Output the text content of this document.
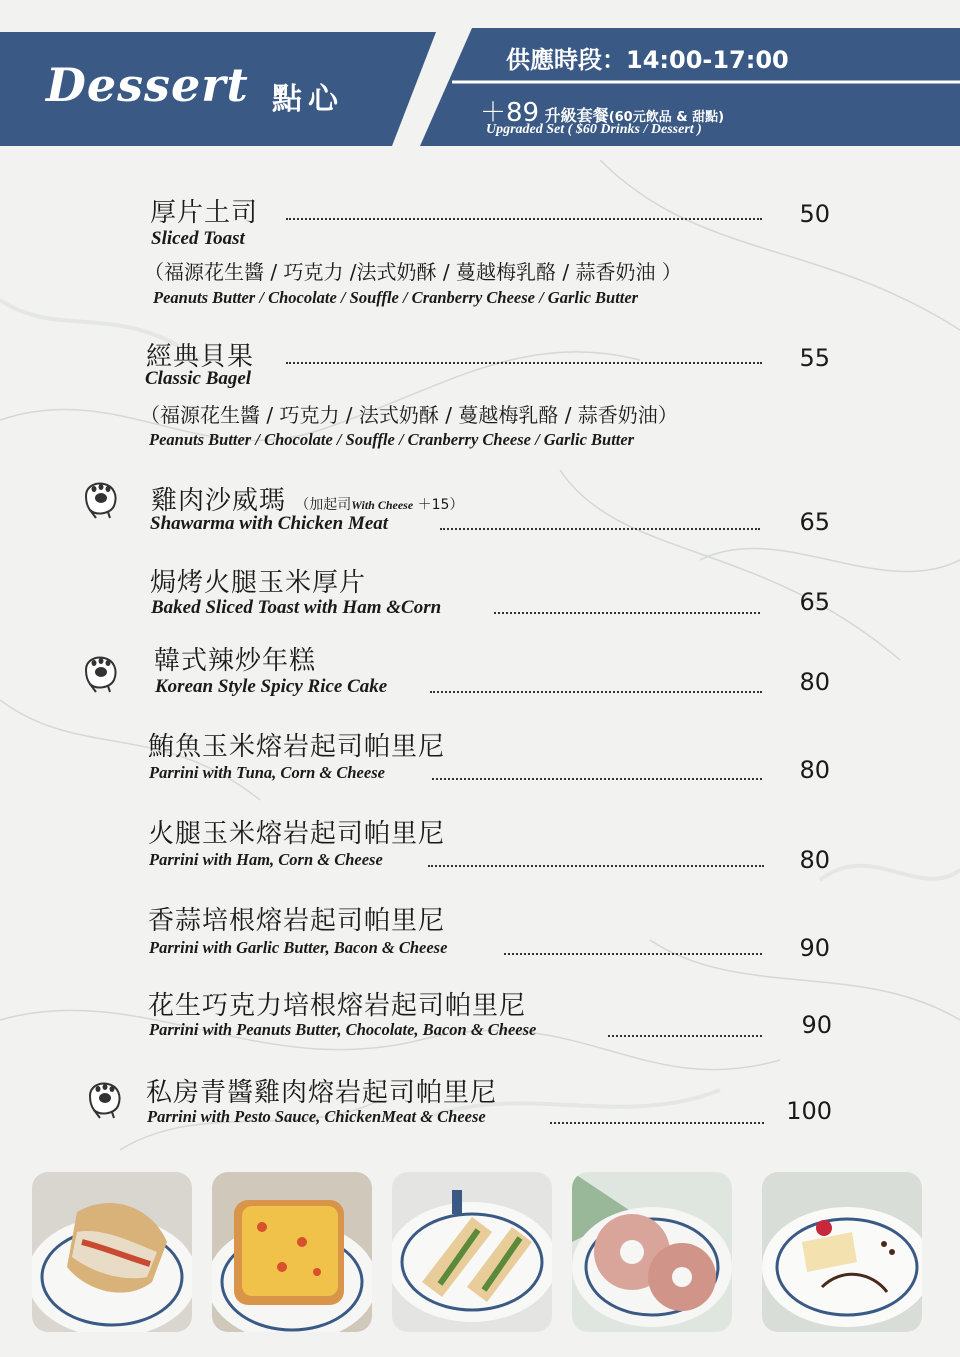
Dessert 點心
供應時段：14:00-17:00
＋89 升級套餐(60元飲品 & 甜點)
Upgraded Set ( $60 Drinks / Dessert )
厚片土司	50
Sliced Toast
（福源花生醬 / 巧克力 /法式奶酥 / 蔓越梅乳酪 / 蒜香奶油 ）
Peanuts Butter / Chocolate / Souffle / Cranberry Cheese / Garlic Butter
經典貝果	55
Classic Bagel
（福源花生醬 / 巧克力 / 法式奶酥 / 蔓越梅乳酪 / 蒜香奶油）
Peanuts Butter / Chocolate / Souffle / Cranberry Cheese / Garlic Butter
雞肉沙威瑪 （加起司With Cheese ＋15）
Shawarma with Chicken Meat	65
焗烤火腿玉米厚片
Baked Sliced Toast with Ham &Corn	65
韓式辣炒年糕
Korean Style Spicy Rice Cake	80
鮪魚玉米熔岩起司帕里尼
Parrini with Tuna, Corn & Cheese	80
火腿玉米熔岩起司帕里尼
Parrini with Ham, Corn & Cheese	80
香蒜培根熔岩起司帕里尼
Parrini with Garlic Butter, Bacon & Cheese	90
花生巧克力培根熔岩起司帕里尼
Parrini with Peanuts Butter, Chocolate, Bacon & Cheese	90
私房青醬雞肉熔岩起司帕里尼
Parrini with Pesto Sauce, ChickenMeat & Cheese	100
